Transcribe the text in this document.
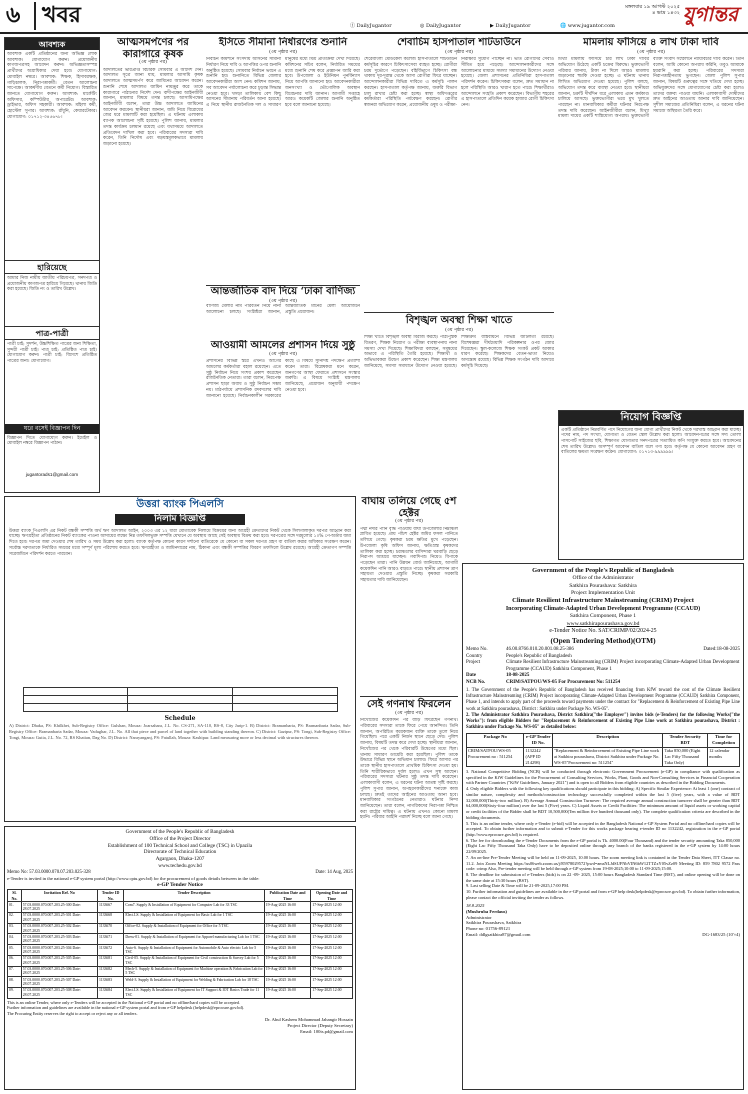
৬ খবর	মঙ্গলবার ১৯ আগস্ট ২০২৫
৪ ভাদ্র ১৪৩২ যুগান্তর
ⓕ DailyJugantor	◎ DailyJugantor	▶ DailyJugantor	🌐 www.jugantor.com
আবশ্যক
আবশ্যক একটি প্রতিষ্ঠানের জন্য অভিজ্ঞ লোক আবশ্যক। যোগাযোগ করুন। প্রয়োজনীয় কাগজপত্রসহ আবেদন করুন। অভিজ্ঞতাসম্পন্ন প্রার্থীদের অগ্রাধিকার দেয়া হবে। যোগাযোগ: মোবাইল নম্বরে। আবশ্যক: শিক্ষক, হিসাবরক্ষক, গাড়িচালক, নিরাপত্তাকর্মী। বেতন আলোচনা সাপেক্ষে। আকর্ষণীয় বেতনে কর্মী নিয়োগ। বিস্তারিত জানতে যোগাযোগ করুন। আবশ্যক: মার্কেটিং অফিসার, কম্পিউটার অপারেটর। আবশ্যক: ড্রাইভার, অফিস সহকারী। আবশ্যক: মহিলা কর্মী, হোস্টেল সুপার। আবশ্যক: রাঁধুনি, কেয়ারটেকার। যোগাযোগ: ০১৭১২-৩৪৫৬৭৮।
হারিয়েছে
আমার নিজ নামীয় জাতীয় পরিচয়পত্র, সনদপত্র ও প্রয়োজনীয় কাগজপত্র হারিয়ে গিয়েছে। থানায় জিডি করা হয়েছে। জিডি নং ও তারিখ উল্লেখ।
পাত্র-পাত্রী
পাত্রী চাই: সুদর্শন, উচ্চশিক্ষিত পাত্রের জন্য শিক্ষিতা, সুন্দরী পাত্রী চাই। পাত্র চাই: প্রতিষ্ঠিত পাত্র চাই। যোগাযোগ করুন। পাত্রী চাই: বিদেশে প্রতিষ্ঠিত পাত্রের জন্য। যোগাযোগ।
ঘরে বসেই বিজ্ঞাপন দিন
বিজ্ঞাপন দিতে যোগাযোগ করুন। ইমেইল ও মোবাইল নম্বরে বিজ্ঞাপন পাঠান।
jugantorads1@gmail.com
আত্মসমর্পণের পর কারাগারে কৃষক
(৩য় পৃষ্ঠার পর)
আদালতের ভারপ্রাপ্ত বিচারক সোমবার এ আদেশ দেন। আদালত সূত্রে জানা যায়, মামলার আসামি কৃষক আদালতে আত্মসমর্পণ করে জামিনের আবেদন করেন। শুনানি শেষে আদালত জামিন নামঞ্জুর করে তাকে কারাগারে পাঠানোর নির্দেশ দেন। বাদীপক্ষের আইনজীবী জানান, মামলার বিষয়ে তদন্ত চলছে। আসামিপক্ষের আইনজীবী বলেন, তারা উচ্চ আদালতে জামিনের আবেদন করবেন। স্থানীয়রা জানান, জমি নিয়ে বিরোধের জের ধরে মামলাটি করা হয়েছিল। এ ঘটনায় এলাকায় ব্যাপক আলোচনা সৃষ্টি হয়েছে। পুলিশ জানায়, মামলার তদন্ত কার্যক্রম চলমান রয়েছে এবং যথাসময়ে আদালতে প্রতিবেদন দাখিল করা হবে। পরিবারের সদস্যরা দাবি করেন, তিনি নির্দোষ এবং ষড়যন্ত্রমূলকভাবে মামলায় জড়ানো হয়েছে।
ইসিতে সীমানা নির্ধারণের শুনানি
(৩য় পৃষ্ঠার পর)
নির্বাচন কমিশনে সংসদীয় আসনের সীমানা নির্ধারণ নিয়ে দাবি ও আপত্তির ওপর শুনানি অনুষ্ঠিত হয়েছে। সোমবার নির্বাচন ভবনে এ শুনানি হয়। শুনানিতে বিভিন্ন জেলার আবেদনকারীরা অংশ নেন। কমিশন জানায়, সব আবেদন পর্যালোচনা করে চূড়ান্ত সিদ্ধান্ত নেওয়া হবে। খসড়া তালিকায় বেশ কিছু আসনের সীমানায় পরিবর্তন আনা হয়েছে। এ নিয়ে স্থানীয় রাজনৈতিক দল ও সাধারণ মানুষের মধ্যে মিশ্র প্রতিক্রিয়া দেখা দিয়েছে। কমিশনের সচিব বলেন, নির্ধারিত সময়ের মধ্যে শুনানি শেষ করে প্রজ্ঞাপন জারি করা হবে। উপজেলা ও ইউনিয়ন পুনর্বিন্যাস নিয়ে আপত্তি জানানো হয়। আবেদনকারীরা জনসংখ্যা ও ভৌগোলিক অবস্থান বিবেচনার দাবি জানান। আগামী সপ্তাহে আরও কয়েকটি জেলার শুনানি অনুষ্ঠিত হবে বলে জানানো হয়েছে।
আন্তর্জাতিক বাদ দিয়ে ‘ঢাকা বাণিজ্য
(৩য় পৃষ্ঠার পর)
বাণিজ্য মেলার নাম পরিবর্তন নিয়ে নানা আলোচনা চলছে। সংশ্লিষ্টরা জানান, আন্তর্জাতিক মানের মেলা আয়োজনে প্রস্তুতি প্রয়োজন।
আওয়ামী আমলের প্রশাসন দিয়ে সুষ্ঠু
(৩য় পৃষ্ঠার পর)
প্রশাসনের বিভিন্ন স্তরে এখনও আগের আমলের কর্মকর্তারা বহাল রয়েছেন। এতে সুষ্ঠু নির্বাচন নিয়ে সংশয় প্রকাশ করেছেন রাজনৈতিক নেতারা। তারা বলেন, নিরপেক্ষ প্রশাসন ছাড়া অবাধ ও সুষ্ঠু নির্বাচন সম্ভব নয়। মাঠপর্যায়ে প্রশাসনিক রদবদলের দাবি জানানো হয়েছে। নির্বাচনকালীন সরকারের কাছে এ বিষয়ে সুনির্দিষ্ট পদক্ষেপ প্রত্যাশা করেন তারা। বিশ্লেষকরা মনে করেন, জনগণের আস্থা ফেরাতে প্রশাসনে সংস্কার জরুরি। এ বিষয়ে সংশ্লিষ্ট মন্ত্রণালয় জানিয়েছে, প্রয়োজন অনুযায়ী পদক্ষেপ নেওয়া হবে।
শেবাচিম হাসপাতাল শাটডাউনে
(৩য় পৃষ্ঠার পর)
শেরেবাংলা মেডিকেল কলেজ হাসপাতালে শাটডাউন কর্মসূচির কারণে চিকিৎসাসেবা ব্যাহত হচ্ছে। রোগীরা চরম দুর্ভোগে পড়েছেন। বহির্বিভাগে চিকিৎসা বন্ধ থাকায় দূর-দূরান্ত থেকে আসা রোগীরা ফিরে যাচ্ছেন। আন্দোলনকারীরা বিভিন্ন দাবিতে এ কর্মসূচি পালন করছেন। হাসপাতাল কর্তৃপক্ষ জানায়, জরুরি বিভাগ চালু রাখার চেষ্টা করা হচ্ছে। স্বাস্থ্য অধিদপ্তরের কর্মকর্তারা পরিস্থিতি পর্যবেক্ষণ করছেন। রোগীর স্বজনরা অভিযোগ করেন, প্রয়োজনীয় ওষুধ ও পরীক্ষা-নিরীক্ষার সুযোগ পাচ্ছেন না। ভর্তি রোগীদের সেবাও সীমিত হয়ে পড়েছে। আন্দোলনকারীদের সঙ্গে আলোচনার মাধ্যমে সমস্যা সমাধানের উদ্যোগ নেওয়া হয়েছে। জেলা প্রশাসনের প্রতিনিধিরা হাসপাতাল পরিদর্শন করেন। চিকিৎসকরা বলেন, দ্রুত সমাধান না হলে পরিস্থিতি আরও খারাপ হতে পারে। শিক্ষার্থীরাও আন্দোলনে সংহতি প্রকাশ করেছেন। বিভাগীয় শহরের এ হাসপাতালে প্রতিদিন কয়েক হাজার রোগী চিকিৎসা নেন।
মামলায় ফাঁসিয়ে ৪ লাখ টাকা দাবি
(৩য় পৃষ্ঠার পর)
মিথ্যা মামলায় ফাঁসিয়ে চার লাখ টাকা দাবির অভিযোগ উঠেছে একটি চক্রের বিরুদ্ধে। ভুক্তভোগী পরিবার জানায়, টাকা না দিলে আরও মামলায় জড়ানোর হুমকি দেওয়া হচ্ছে। এ ঘটনায় থানায় লিখিত অভিযোগ দেওয়া হয়েছে। পুলিশ বলছে, অভিযোগ তদন্ত করে ব্যবস্থা নেওয়া হবে। স্থানীয়রা জানান, চক্রটি দীর্ঘদিন ধরে এলাকায় এমন কর্মকাণ্ড চালিয়ে আসছে। ভুক্তভোগীরা ভয়ে মুখ খুলতে পারছেন না। মানবাধিকার কর্মীরা ঘটনার নিরপেক্ষ তদন্ত দাবি করেছেন। আইনজীবীরা বলেন, মিথ্যা মামলা দায়ের একটি শাস্তিযোগ্য অপরাধ। ভুক্তভোগী ব্যক্তি সংবাদ সম্মেলনে ন্যায়বিচার দাবি করেন। তিনি বলেন, আমি কোনো অপরাধ করিনি, তবুও আমাকে হয়রানি করা হচ্ছে। পরিবারের সদস্যরা নিরাপত্তাহীনতায় ভুগছেন। জেলা পুলিশ সুপার জানান, বিষয়টি গুরুত্বের সঙ্গে খতিয়ে দেখা হচ্ছে। অভিযুক্তদের সঙ্গে যোগাযোগের চেষ্টা করা হলেও তাদের বক্তব্য পাওয়া যায়নি। এলাকাবাসী দোষীদের দ্রুত আইনের আওতায় আনার দাবি জানিয়েছেন। সুশীল সমাজের প্রতিনিধিরা বলেন, এ ধরনের ঘটনা সমাজে অস্থিরতা তৈরি করে।
বিশৃঙ্খল অবস্থা শিক্ষা খাতে
(৩য় পৃষ্ঠার পর)
শিক্ষা খাতে বিশৃঙ্খল অবস্থা বিরাজ করছে। পাঠ্যপুস্তক বিতরণ, শিক্ষক নিয়োগ ও পরীক্ষা ব্যবস্থাপনায় নানা সমস্যা দেখা দিয়েছে। শিক্ষাবিদরা বলছেন, সমন্বয়ের অভাবে এ পরিস্থিতি তৈরি হয়েছে। শিক্ষার্থী ও অভিভাবকরা উদ্বেগ প্রকাশ করেছেন। শিক্ষা মন্ত্রণালয় জানিয়েছে, সমস্যা সমাধানে উদ্যোগ নেওয়া হয়েছে। শিক্ষাক্রম বাস্তবায়নে বিভিন্ন জটিলতা রয়েছে। বিশেষজ্ঞরা দীর্ঘমেয়াদি পরিকল্পনার ওপর জোর দিয়েছেন। স্কুল-কলেজে শিক্ষক সংকট প্রকট আকার ধারণ করেছে। শিক্ষকদের বেতন-ভাতা নিয়েও অসন্তোষ রয়েছে। বিভিন্ন শিক্ষক সংগঠন দাবি আদায়ে কর্মসূচি দিয়েছে।
নিয়োগ বিজ্ঞপ্তি
একটি প্রতিষ্ঠানে নিম্নবর্ণিত পদে নিয়োগের জন্য যোগ্য প্রার্থীদের নিকট থেকে দরখাস্ত আহ্বান করা যাচ্ছে। পদের নাম, পদ সংখ্যা, যোগ্যতা ও বেতন স্কেল উল্লেখ করা হলো। আবেদনপত্রের সঙ্গে সদ্য তোলা পাসপোর্ট সাইজের ছবি, শিক্ষাগত যোগ্যতার সনদপত্রের সত্যায়িত কপি সংযুক্ত করতে হবে। আবেদনের শেষ তারিখ উল্লেখ। অসম্পূর্ণ আবেদন বাতিল বলে গণ্য হবে। কর্তৃপক্ষ যে কোনো আবেদন গ্রহণ বা বাতিলের ক্ষমতা সংরক্ষণ করেন। যোগাযোগ: ০১৭১৩-৯৯৯৯৯৯।
উত্তরা ব্যাংক পিএলসি
নিলাম বিজ্ঞপ্তি
উত্তরা ব্যাংক পিএলসি এর নিকট বন্ধকী সম্পত্তি অর্থ ঋণ আদালত আইন, ২০০৩ এর ১২ ধারা মোতাবেক নিলামে বিক্রয়ের জন্য আগ্রহী ক্রেতাদের নিকট থেকে সিলগালাকৃত দরপত্র আহ্বান করা যাচ্ছে। ঋণগ্রহীতা প্রতিষ্ঠানের নিকট ব্যাংকের পাওনা আদায়ের লক্ষ্যে নিম্ন তফসিলভুক্ত সম্পত্তি যেখানে যে অবস্থায় আছে সেই অবস্থায় বিক্রয় করা হবে। দরপত্রের সঙ্গে দরমূল্যের ১০% পে-অর্ডার জমা দিতে হবে। দরপত্র জমা দেওয়ার শেষ তারিখ ও সময় উল্লেখ করা হলো। ব্যাংক কর্তৃপক্ষ কোনো কারণ দর্শানো ব্যতিরেকে যে কোনো বা সকল দরপত্র গ্রহণ বা বাতিল করার অধিকার সংরক্ষণ করেন। সর্বোচ্চ দরদাতাকে নির্ধারিত সময়ের মধ্যে সম্পূর্ণ মূল্য পরিশোধ করতে হবে। ঋণগ্রহীতা ও জামিনদারের নাম, ঠিকানা এবং বন্ধকী সম্পত্তির বিবরণ তফসিলে উল্লেখ রয়েছে। আগ্রহী ক্রেতাগণ সম্পত্তি সরেজমিনে পরিদর্শন করতে পারবেন।

Schedule
A) District: Dhaka, PS: Khilkhet, Sub-Registry Office: Gulshan, Mouza: Joarsahara, J.L. No. CS-271, SA-110, RS-8, City Jarip-1. B) District: Bramanbaria, PS: Bramanbaria Sadar, Sub-Registry Office: Bramanbaria Sadar, Mouza: Vadughar, J.L. No. All that piece and parcel of land together with building standing thereon. C) District: Gazipur, PS: Tongi, Sub-Registry Office: Tongi, Mouza: Gutia, J.L. No. 72, RS Khatian, Dag No. D) District: Narayanganj, PS: Fatullah, Mouza: Kashipur. Land measuring more or less decimal with structures thereon.
বাঘায় তলিয়ে গেছে ৫শ হেক্টর
(৩য় পৃষ্ঠার পর)
পদ্মা নদীর পানি বৃদ্ধি পাওয়ায় বাঘা উপজেলার নিম্নাঞ্চল প্লাবিত হয়েছে। প্রায় পাঁচশ হেক্টর জমির ফসল পানিতে তলিয়ে গেছে। কৃষকরা চরম ক্ষতির মুখে পড়েছেন। উপজেলা কৃষি অফিস জানায়, ক্ষতিগ্রস্ত কৃষকদের তালিকা করা হচ্ছে। চরাঞ্চলের বাসিন্দারা ঘরবাড়ি ছেড়ে নিরাপদ আশ্রয়ে যাচ্ছেন। গবাদিপশু নিয়েও বিপাকে পড়েছেন তারা। পানি উন্নয়ন বোর্ড জানিয়েছে, আগামী কয়েকদিন পানি আরও বাড়তে পারে। স্থানীয় প্রশাসন ত্রাণ সহায়তা দেওয়ার প্রস্তুতি নিচ্ছে। কৃষকরা সরকারি সহায়তার দাবি জানিয়েছেন।
সেই গণনাথ ফিরলেন
(৩য় পৃষ্ঠার পর)
নিখোঁজের কয়েকদিন পর বাড়ি ফিরেছেন গণনাথ। পরিবারের সদস্যরা তাকে ফিরে পেয়ে আনন্দিত। তিনি জানান, অপরিচিত কয়েকজন ব্যক্তি তাকে তুলে নিয়ে গিয়েছিল। পরে একটি নির্জন স্থানে ছেড়ে দেয়। পুলিশ জানায়, বিষয়টি তদন্ত করে দেখা হচ্ছে। স্থানীয়রা জানান, নিখোঁজের পর থেকে পরিবারটি উদ্বেগের মধ্যে ছিল। থানায় সাধারণ ডায়েরি করা হয়েছিল। পুলিশ তাকে উদ্ধারে বিভিন্ন স্থানে অভিযান চালায়। ফিরে আসার পর তাকে স্থানীয় হাসপাতালে প্রাথমিক চিকিৎসা দেওয়া হয়। তিনি শারীরিকভাবে দুর্বল হলেও এখন সুস্থ আছেন। পরিবারের সদস্যরা ঘটনার সুষ্ঠু তদন্ত দাবি করেছেন। এলাকাবাসী বলেন, এ ধরনের ঘটনা আতঙ্ক সৃষ্টি করছে। পুলিশ সুপার জানান, অপহরণকারীদের শনাক্তে কাজ চলছে। দ্রুতই তাদের আইনের আওতায় আনা হবে। মানবাধিকার সংগঠনের নেতারাও ঘটনার নিন্দা জানিয়েছেন। তারা বলেন, নাগরিকদের নিরাপত্তা নিশ্চিত করা রাষ্ট্রের দায়িত্ব। এ ঘটনায় এখনও কোনো মামলা হয়নি। পরিবার আইনি পরামর্শ নিচ্ছে বলে জানা গেছে।
Government of the People's Republic of Bangladesh
Office of the Project Director
Establishment of 100 Technical School and College (TSC) in Upazila
Directorate of Technical Education
Agargaon, Dhaka-1207
www.techedu.gov.bd
Memo No: 57.03.0000.070.07.203.025-328	Date: 14 Aug, 2025
e-Tender is invited in the national e-GP system portal (http://www.cptu.gov.bd) for the procurement of goods details between in the table:
e-GP Tender Notice
Sl. No.	Invitation Ref. No	Tender ID No.	Tender Description	Publication Date and Time	Opening Date and Time
01.	57.03.0000.070.007.203.25-300 Date: 28.07.2025	1133667	Com7. Supply & Installation of Equipment for Computer Lab for 33 TSC	19-Aug-2025 16:00	17-Sep-2025 12:00
02.	57.03.0000.070.007.203.25-301 Date: 28.07.2025	1133668	Elect.LS. Supply & Installation of Equipment for Basic Lab for 1 TSC	19-Aug-2025 16:00	17-Sep-2025 12:00
03.	57.03.0000.070.007.203.25-302 Date: 28.07.2025	1133670	Office-02. Supply & Installation of Equipment for Office for 5 TSC	19-Aug-2025 16:00	17-Sep-2025 12:00
04.	57.03.0000.070.007.203.25-303 Date: 28.07.2025	1133671	Dress-01. Supply & Installation of Equipment for Apparel manufacturing Lab for 1 TSC	19-Aug-2025 16:00	17-Sep-2025 12:00
05.	57.03.0000.070.007.203.25-304 Date: 28.07.2025	1133672	Auto-6. Supply & Installation of Equipment for Automobile & Auto electric Lab for 5 TSC	19-Aug-2025 16:00	17-Sep-2025 12:00
06.	57.03.0000.070.007.203.25-305 Date: 28.07.2025	1133681	Civil-05. Supply & Installation of Equipment for Civil construction & Survey Lab for 5 TSC	19-Aug-2025 16:00	17-Sep-2025 12:00
07.	57.03.0000.070.007.203.25-306 Date: 28.07.2025	1133682	Mech-5. Supply & Installation of Equipment for Machine operation & Fabrication Lab for 5 TSC	19-Aug-2025 16:00	17-Sep-2025 12:00
08.	57.03.0000.070.007.203.25-307 Date: 28.07.2025	1133683	Weld-3. Supply & Installation of Equipment for Welding & Fabrication Lab for 18 TSC	19-Aug-2025 16:00	17-Sep-2025 12:00
09.	57.03.0000.070.007.203.25-308 Date: 28.07.2025	1133684	Elect.LS. Supply & Installation of Equipment for IT Support & IOT Basics Trade for 11 TSC	19-Aug-2025 16:00	17-Sep-2025 12:00
This is an online Tender, where only e-Tenders will be accepted in the National e-GP portal and no offline/hard copies will be accepted.
Further information and guidelines are available in the national e-GP system portal and from e-GP helpdesk (helpdesk@eprocure.gov.bd).
The Procuring Entity reserves the right to accept or reject any or all tenders.
Dr. Abul Kashem Mohammad Jahangir Hossain
Project Director (Deputy Secretary)
Email: 100ts.pd@gmail.com
Government of the People's Republic of Bangladesh
Office of the Administrator
Satkhira Pourashava: Satkhira
Project Implementation Unit
Climate Resilient Infrastructure Mainstreaming (CRIM) Project
Incorporating Climate-Adapted Urban Development Programme (CCAUD)
Satkhira Component, Phase 1
www.satkhirapourashava.gov.bd
e-Tender Notice No. SAT/CRIMP/02/2024-25
(Open Tendering Method)(OTM)
Memo No.	46.00.8766.010.20.001.08.25-386	Dated:18-08-2025
Country	People's Republic of Bangladesh
Project	Climate Resilient Infrastructure Mainstreaming (CRIM) Project incorporating Climate-Adapted Urban Development Programme (CCAUD) Satkhira Component, Phase 1
Date	18-08-2025
NCB No.	CRIM/SATPOU/WS-05 For Procurement No: 511254
1. The Government of the People's Republic of Bangladesh has received financing from KfW toward the cost of the Climate Resilient Infrastructure Mainstreaming (CRIM) Project incorporating Climate-Adapted Urban Development Programme (CCAUD) Satkhira Component, Phase 1, and intends to apply part of the proceeds toward payments under the contract for "Replacement & Reinforcement of Existing Pipe Line work at Satkhira pourashava, District : Satkhira under Package No. WS-05".
2. The Administrator Satkhira Pourashava, District Satkhira("the Employer") invites bids (e-Tenders) for the following Works("the Works"): from eligible Bidders for "Replacement & Reinforcement of Existing Pipe Line work at Satkhira pourashava, District : Satkhira under Package No. WS-05" as detailed below:
Package No	e-GP Tender ID No.	Description	Tender Security BDT	Time for Completion
CRIM/SATPOU/WS-05 Procurement no : 511254	1132242 (APP ID 214298)	"Replacement & Reinforcement of Existing Pipe Line work at Satkhira pourashava, District Satkhira under Package No. WS-05"Procurement no: 511254"	Taka 850,000 (Eight Lac Fifty Thousand Taka Only)	12 calendar months
3. National Competitive Bidding (NCB) will be conducted through electronic Government Procurement (e-GP) in compliance with qualification as specified in the KfW Guidelines for the Procurement of Consulting Services, Works, Plant, Goods and Non-Consulting Services in Financial Cooperation with Partner Countries ("KfW Guidelines, January 2021") and is open to all Bidders from eligible countries as described in the Bidding Documents.
4. Only eligible Bidders with the following key qualifications should participate in this bidding: A) Specific Similar Experience: At least 1 (one) contract of similar nature, complexity and methods/construction technology successfully completed within the last 5 (five) years, with a value of BDT 32,000,000(Thirty-two million). B) Average Annual Construction Turnover: The required average annual construction turnover shall be greater than BDT 64,000,000(Sixty-four million) over the last 5 (Five) years. C) Liquid Assets or Credit Facilities: The minimum amount of liquid assets or working capital or credit facilities of the Bidder shall be BDT 10,500,000(Ten million five hundred thousand only). The complete qualification criteria are described in the bidding documents.
5. This is an online tender, where only e-Tender (e-bid) will be accepted in the Bangladesh National e-GP System Portal and no offline/hard copies will be accepted. To obtain further information and to submit e-Tender for this works package bearing e-tender ID no 1132242, registration in the e-GP portal (http://www.eprocure.gov.bd) is required.
6. The fee for downloading the e-Tender Documents from the e-GP portal is Tk. 4000.00(Four Thousand) and the tender security amounting Taka 850,000 (Eight Lac Fifty Thousand Taka Only) have to be deposited online through any branch of the banks registered in the e-GP system by 14:00 hours 22/09/2025.
7. An on-line Pre-Tender Meeting will be held on 11-09-2025, 10.00 hours. The zoom meeting link is contained in the Tender Data Sheet, ITT Clause no. 11.2. Join Zoom Meeting https://us06web.zoom.us/j/85978029572?pwd=amsNLJdSUFNbVIN6bW12TTZxY05vZz09 Meeting ID: 859 7802 9572 Pass code: crimp Also, Pre-tender meeting will be held through e-GP system from 19-08-2025;10:00 to 11-09-2025;15:00.
8. The deadline for submission of e-Tenders (bids) is on 22 -09- 2025, 15:00 hours Bangladesh Standard Time (BST), and online opening will be done on the same date at 15:30 hours (BST).
9. Last selling Date & Time will be 21-09-2025,17:00 PM.
10. Further information and guidelines are available in the e-GP portal and from e-GP help desk(helpdesk@eprocure.gov.bd). To obtain further information, please contact the official inviting the tender as follows.
18.8.2025
(Mushruba Ferdaus)
Administrator
Satkhira Pourashava, Satkhira
Phone no: 01756-89121
Email: ddlgsatkhira87@gmail.com	DG-1683/25 (10'×4)
